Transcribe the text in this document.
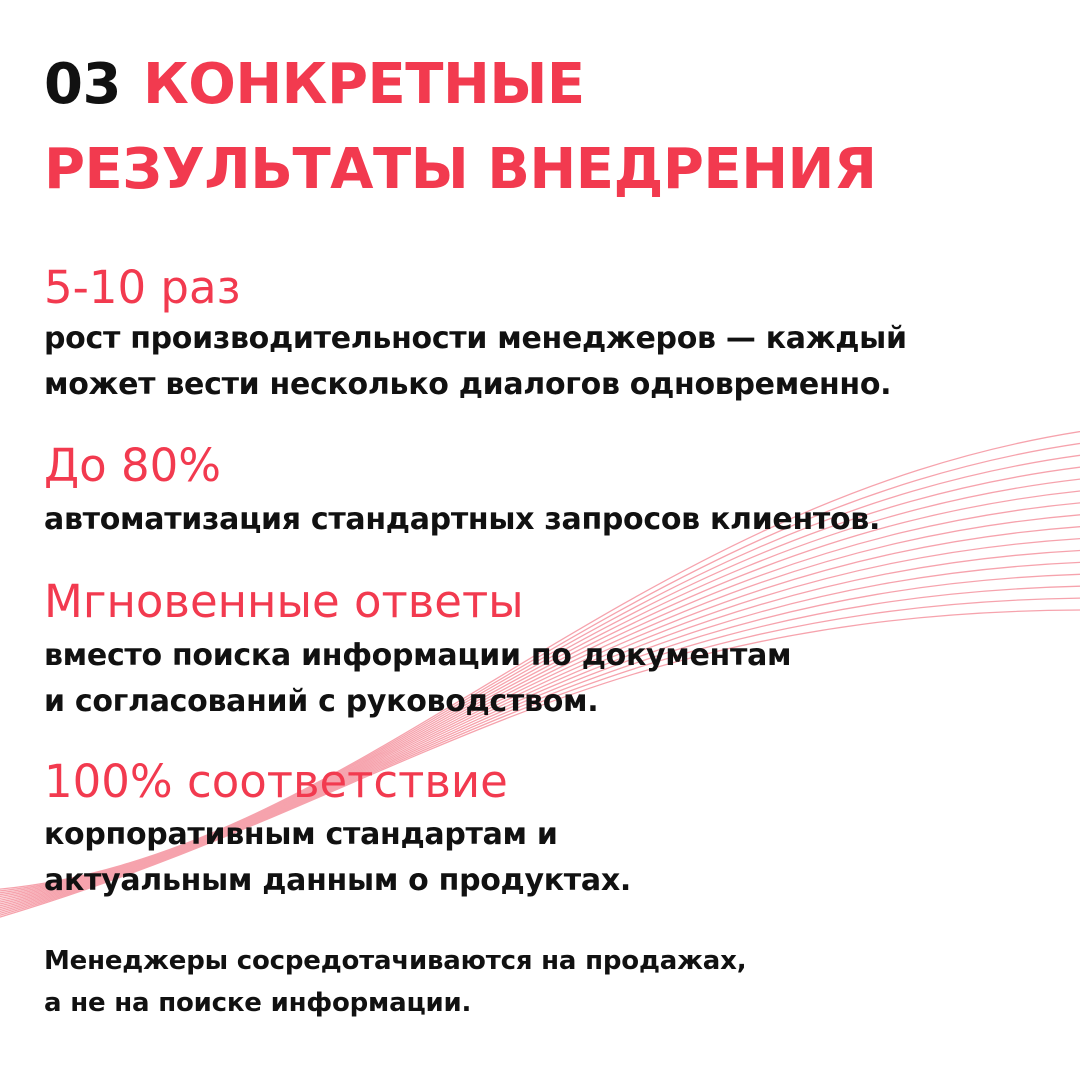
03 КОНКРЕТНЫЕ
РЕЗУЛЬТАТЫ ВНЕДРЕНИЯ
5-10 раз
рост производительности менеджеров — каждый
может вести несколько диалогов одновременно.
До 80%
автоматизация стандартных запросов клиентов.
Мгновенные ответы
вместо поиска информации по документам
и согласований с руководством.
100% соответствие
корпоративным стандартам и
актуальным данным о продуктах.
Менеджеры сосредотачиваются на продажах,
а не на поиске информации.
